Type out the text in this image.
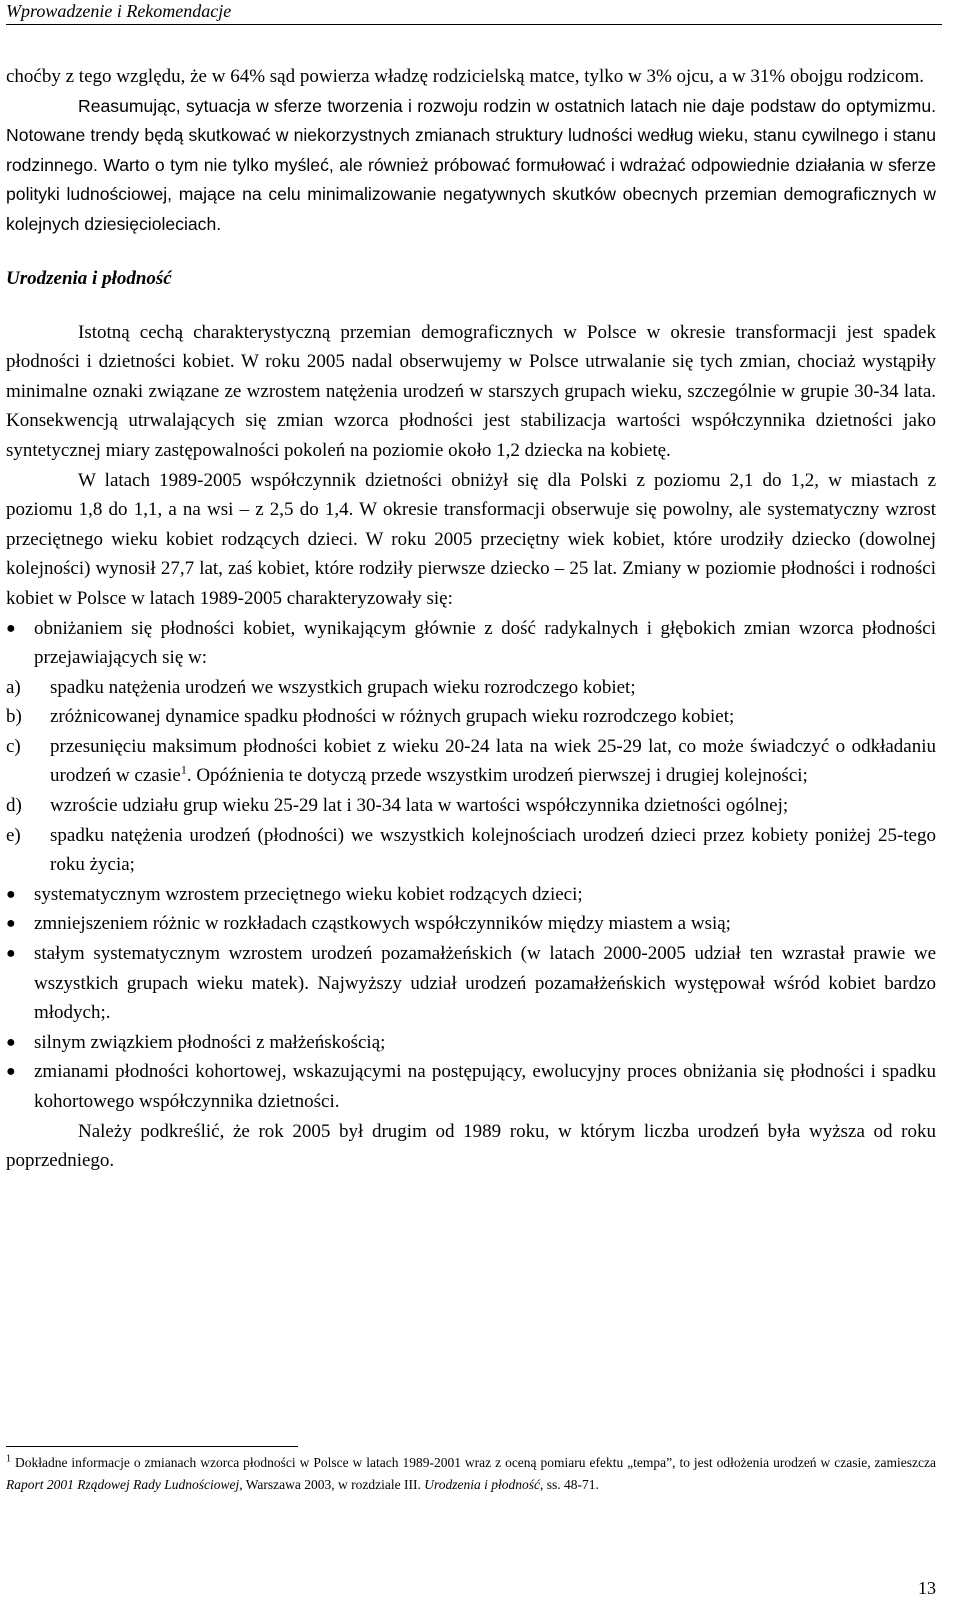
Wprowadzenie i Rekomendacje

choćby z tego względu, że w 64% sąd powierza władzę rodzicielską matce, tylko w 3% ojcu, a w 31% obojgu rodzicom.

Reasumując, sytuacja w sferze tworzenia i rozwoju rodzin w ostatnich latach nie daje podstaw do optymizmu. Notowane trendy będą skutkować w niekorzystnych zmianach struktury ludności według wieku, stanu cywilnego i stanu rodzinnego. Warto o tym nie tylko myśleć, ale również próbować formułować i wdrażać odpowiednie działania w sferze polityki ludnościowej, mające na celu minimalizowanie negatywnych skutków obecnych przemian demograficznych w kolejnych dziesięcioleciach.

Urodzenia i płodność

Istotną cechą charakterystyczną przemian demograficznych w Polsce w okresie transformacji jest spadek płodności i dzietności kobiet. W roku 2005 nadal obserwujemy w Polsce utrwalanie się tych zmian, chociaż wystąpiły minimalne oznaki związane ze wzrostem natężenia urodzeń w starszych grupach wieku, szczególnie w grupie 30-34 lata. Konsekwencją utrwalających się zmian wzorca płodności jest stabilizacja wartości współczynnika dzietności jako syntetycznej miary zastępowalności pokoleń na poziomie około 1,2 dziecka na kobietę.

W latach 1989-2005 współczynnik dzietności obniżył się dla Polski z poziomu 2,1 do 1,2, w miastach z poziomu 1,8 do 1,1, a na wsi – z 2,5 do 1,4. W okresie transformacji obserwuje się powolny, ale systematyczny wzrost przeciętnego wieku kobiet rodzących dzieci. W roku 2005 przeciętny wiek kobiet, które urodziły dziecko (dowolnej kolejności) wynosił 27,7 lat, zaś kobiet, które rodziły pierwsze dziecko – 25 lat. Zmiany w poziomie płodności i rodności kobiet w Polsce w latach 1989-2005 charakteryzowały się:

● obniżaniem się płodności kobiet, wynikającym głównie z dość radykalnych i głębokich zmian wzorca płodności przejawiających się w:
a) spadku natężenia urodzeń we wszystkich grupach wieku rozrodczego kobiet;
b) zróżnicowanej dynamice spadku płodności w różnych grupach wieku rozrodczego kobiet;
c) przesunięciu maksimum płodności kobiet z wieku 20-24 lata na wiek 25-29 lat, co może świadczyć o odkładaniu urodzeń w czasie$^1$. Opóźnienia te dotyczą przede wszystkim urodzeń pierwszej i drugiej kolejności;
d) wzroście udziału grup wieku 25-29 lat i 30-34 lata w wartości współczynnika dzietności ogólnej;
e) spadku natężenia urodzeń (płodności) we wszystkich kolejnościach urodzeń dzieci przez kobiety poniżej 25-tego roku życia;
● systematycznym wzrostem przeciętnego wieku kobiet rodzących dzieci;
● zmniejszeniem różnic w rozkładach cząstkowych współczynników między miastem a wsią;
● stałym systematycznym wzrostem urodzeń pozamałżeńskich (w latach 2000-2005 udział ten wzrastał prawie we wszystkich grupach wieku matek). Najwyższy udział urodzeń pozamałżeńskich występował wśród kobiet bardzo młodych;.
● silnym związkiem płodności z małżeńskością;
● zmianami płodności kohortowej, wskazującymi na postępujący, ewolucyjny proces obniżania się płodności i spadku kohortowego współczynnika dzietności.

Należy podkreślić, że rok 2005 był drugim od 1989 roku, w którym liczba urodzeń była wyższa od roku poprzedniego.

$^1$ Dokładne informacje o zmianach wzorca płodności w Polsce w latach 1989-2001 wraz z oceną pomiaru efektu „tempa”, to jest odłożenia urodzeń w czasie, zamieszcza Raport 2001 Rządowej Rady Ludnościowej, Warszawa 2003, w rozdziale III. Urodzenia i płodność, ss. 48-71.
13
